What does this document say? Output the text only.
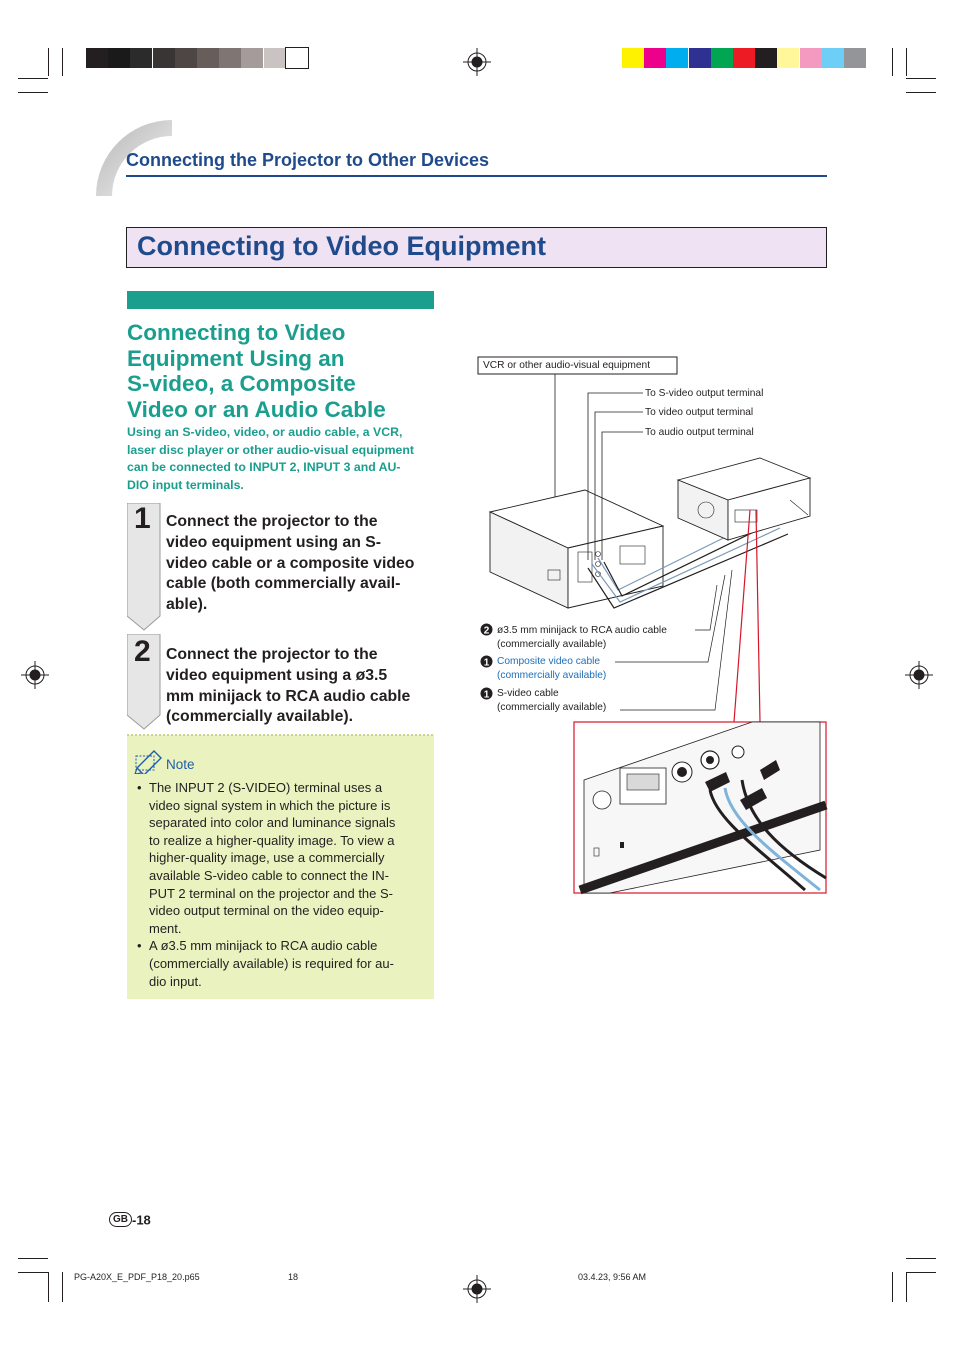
Connecting the Projector to Other Devices
Connecting to Video Equipment
Connecting to Video
Equipment Using an
S-video, a Composite
Video or an Audio Cable
Using an S-video, video, or audio cable, a VCR,
laser disc player or other audio-visual equipment
can be connected to INPUT 2, INPUT 3 and AU-
DIO input terminals.
1 Connect the projector to the
video equipment using an S-
video cable or a composite video
cable (both commercially avail-
able).
2 Connect the projector to the
video equipment using a ø3.5
mm minijack to RCA audio cable
(commercially available).
Note
• The INPUT 2 (S-VIDEO) terminal uses a
video signal system in which the picture is
separated into color and luminance signals
to realize a higher-quality image. To view a
higher-quality image, use a commercially
available S-video cable to connect the IN-
PUT 2 terminal on the projector and the S-
video output terminal on the video equip-
ment.
• A ø3.5 mm minijack to RCA audio cable
(commercially available) is required for au-
dio input.
VCR or other audio-visual equipment
To S-video output terminal
To video output terminal
To audio output terminal
2 ø3.5 mm minijack to RCA audio cable
(commercially available)
1 Composite video cable
(commercially available)
1 S-video cable
(commercially available)
GB -18
PG-A20X_E_PDF_P18_20.p65	18	03.4.23, 9:56 AM
